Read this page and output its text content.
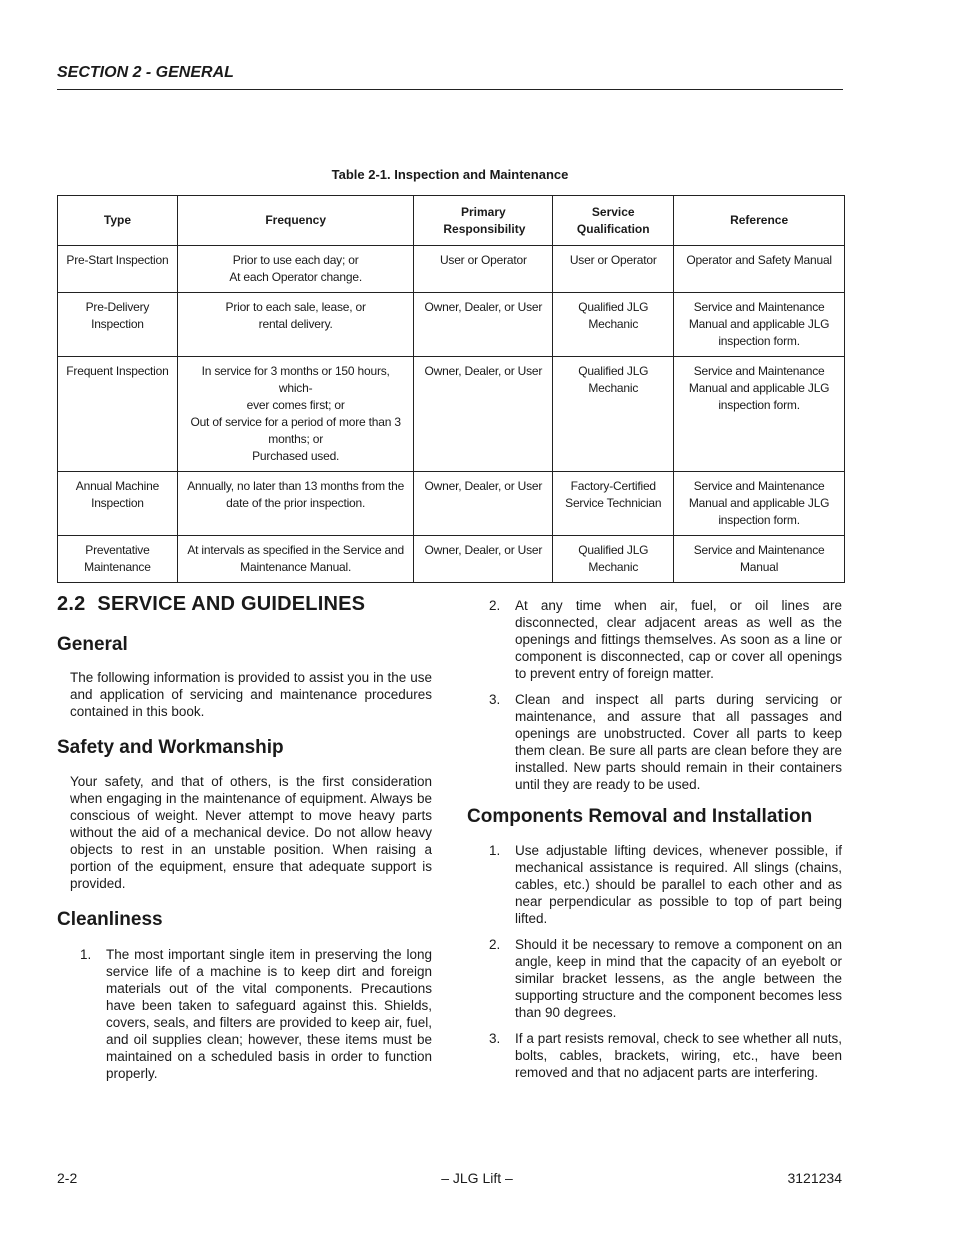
SECTION 2 - GENERAL
Table 2-1. Inspection and Maintenance
Type	Frequency	Primary Responsibility	Service Qualification	Reference

Pre-Start Inspection	Prior to use each day; or
At each Operator change.	User or Operator	User or Operator	Operator and Safety Manual

Pre-Delivery
Inspection	Prior to each sale, lease, or
rental delivery.	Owner, Dealer, or User	Qualified JLG
Mechanic	Service and Maintenance
Manual and applicable JLG
inspection form.

Frequent Inspection	In service for 3 months or 150 hours, which-
ever comes first; or
Out of service for a period of more than 3
months; or
Purchased used.	Owner, Dealer, or User	Qualified JLG
Mechanic	Service and Maintenance
Manual and applicable JLG
inspection form.

Annual Machine
Inspection	Annually, no later than 13 months from the
date of the prior inspection.	Owner, Dealer, or User	Factory-Certified
Service Technician	Service and Maintenance
Manual and applicable JLG
inspection form.

Preventative
Maintenance	At intervals as specified in the Service and
Maintenance Manual.	Owner, Dealer, or User	Qualified JLG
Mechanic	Service and Maintenance
Manual
2.2 SERVICE AND GUIDELINES
General
The following information is provided to assist you in the use and application of servicing and maintenance procedures contained in this book.
Safety and Workmanship
Your safety, and that of others, is the first consideration when engaging in the maintenance of equipment. Always be conscious of weight. Never attempt to move heavy parts without the aid of a mechanical device. Do not allow heavy objects to rest in an unstable position. When raising a portion of the equipment, ensure that adequate support is provided.
Cleanliness
1. The most important single item in preserving the long service life of a machine is to keep dirt and foreign materials out of the vital components. Precautions have been taken to safeguard against this. Shields, covers, seals, and filters are provided to keep air, fuel, and oil supplies clean; however, these items must be maintained on a scheduled basis in order to function properly.
2. At any time when air, fuel, or oil lines are disconnected, clear adjacent areas as well as the openings and fittings themselves. As soon as a line or component is disconnected, cap or cover all openings to prevent entry of foreign matter.
3. Clean and inspect all parts during servicing or maintenance, and assure that all passages and openings are unobstructed. Cover all parts to keep them clean. Be sure all parts are clean before they are installed. New parts should remain in their containers until they are ready to be used.
Components Removal and Installation
1. Use adjustable lifting devices, whenever possible, if mechanical assistance is required. All slings (chains, cables, etc.) should be parallel to each other and as near perpendicular as possible to top of part being lifted.
2. Should it be necessary to remove a component on an angle, keep in mind that the capacity of an eyebolt or similar bracket lessens, as the angle between the supporting structure and the component becomes less than 90 degrees.
3. If a part resists removal, check to see whether all nuts, bolts, cables, brackets, wiring, etc., have been removed and that no adjacent parts are interfering.
2-2	– JLG Lift –	3121234
